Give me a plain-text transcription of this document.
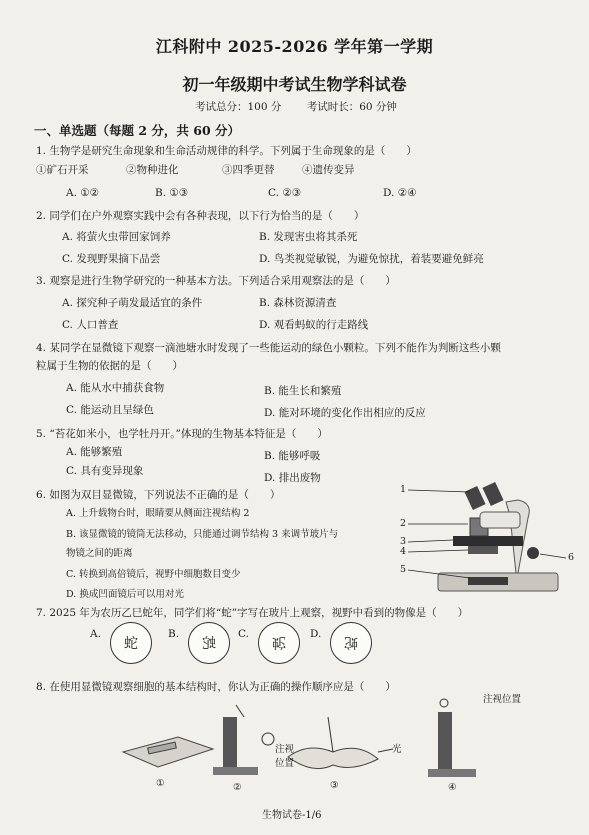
江科附中 2025-2026 学年第一学期
初一年级期中考试生物学科试卷
考试总分：100 分 考试时长：60 分钟
一、单选题（每题 2 分，共 60 分）
1. 生物学是研究生命现象和生命活动规律的科学。下列属于生命现象的是（　　）
①矿石开采	②物种进化	③四季更替	④遗传变异
A. ①②	B. ①③	C. ②③	D. ②④
2. 同学们在户外观察实践中会有各种表现，以下行为恰当的是（　　）
A. 将萤火虫带回家饲养	B. 发现害虫将其杀死
C. 发现野果摘下品尝	D. 鸟类视觉敏锐，为避免惊扰，着装要避免鲜亮
3. 观察是进行生物学研究的一种基本方法。下列适合采用观察法的是（　　）
A. 探究种子萌发最适宜的条件	B. 森林资源清查
C. 人口普查	D. 观看蚂蚁的行走路线
4. 某同学在显微镜下观察一滴池塘水时发现了一些能运动的绿色小颗粒。下列不能作为判断这些小颗
粒属于生物的依据的是（　　）
A. 能从水中捕获食物	B. 能生长和繁殖
C. 能运动且呈绿色	D. 能对环境的变化作出相应的反应
5. “苔花如米小，也学牡丹开。”体现的生物基本特征是（　　）
A. 能够繁殖	B. 能够呼吸
C. 具有变异现象
D. 排出废物
6. 如图为双目显微镜，下列说法不正确的是（　　）
A. 上升载物台时，眼睛要从侧面注视结构 2
B. 该显微镜的镜筒无法移动，只能通过调节结构 3 来调节玻片与
物镜之间的距离
C. 转换到高倍镜后，视野中细胞数目变少
D. 换成凹面镜后可以用对光
1
2
3
4
5
6
7. 2025 年为农历乙巳蛇年，同学们将“蛇”字写在玻片上观察，视野中看到的物像是（　　）
A.
蛇
B.
蛇
C. 蛇 D. 蛇
8. 在使用显微镜观察细胞的基本结构时，你认为正确的操作顺序应是（　　）
注视位置
光
注视位置
①	②	③	④
生物试卷-1/6
